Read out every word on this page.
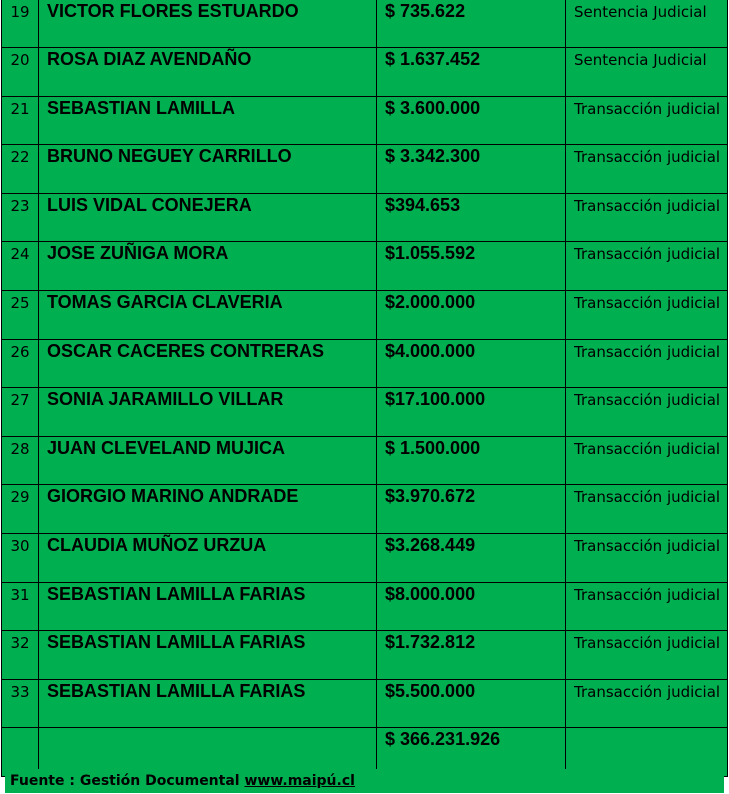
19	VICTOR FLORES ESTUARDO	$ 735.622	Sentencia Judicial
20	ROSA DIAZ AVENDAÑO	$ 1.637.452	Sentencia Judicial
21	SEBASTIAN LAMILLA	$ 3.600.000	Transacción judicial
22	BRUNO NEGUEY CARRILLO	$ 3.342.300	Transacción judicial
23	LUIS VIDAL CONEJERA	$394.653	Transacción judicial
24	JOSE ZUÑIGA MORA	$1.055.592	Transacción judicial
25	TOMAS GARCIA CLAVERIA	$2.000.000	Transacción judicial
26	OSCAR CACERES CONTRERAS	$4.000.000	Transacción judicial
27	SONIA JARAMILLO VILLAR	$17.100.000	Transacción judicial
28	JUAN CLEVELAND MUJICA	$ 1.500.000	Transacción judicial
29	GIORGIO MARINO ANDRADE	$3.970.672	Transacción judicial
30	CLAUDIA MUÑOZ URZUA	$3.268.449	Transacción judicial
31	SEBASTIAN LAMILLA FARIAS	$8.000.000	Transacción judicial
32	SEBASTIAN LAMILLA FARIAS	$1.732.812	Transacción judicial
33	SEBASTIAN LAMILLA FARIAS	$5.500.000	Transacción judicial
		$ 366.231.926	
Fuente : Gestión Documental www.maipú.cl
